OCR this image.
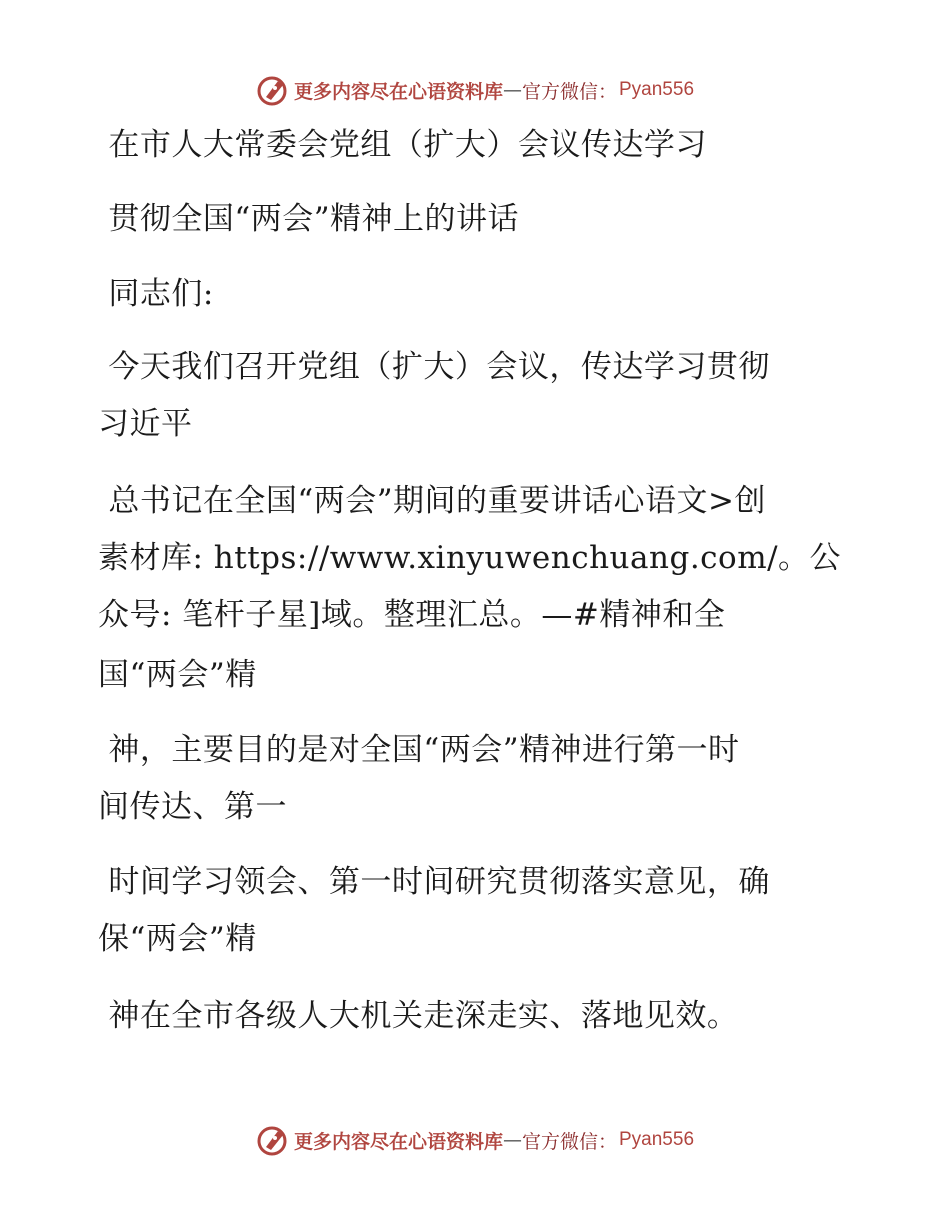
更多内容尽在心语资料库 — 官方微信： Pyan556
在市人大常委会党组（扩大）会议传达学习
贯彻全国“两会”精神上的讲话
同志们:
今天我们召开党组（扩大）会议，传达学习贯彻
习近平
总书记在全国“两会”期间的重要讲话心语文>创
素材库: https://www.xinyuwenchuang.com/。公
众号: 笔杆子星]域。整理汇总。—#精神和全
国“两会”精
神，主要目的是对全国“两会”精神进行第一时
间传达、第一
时间学习领会、第一时间研究贯彻落实意见，确
保“两会”精
神在全市各级人大机关走深走实、落地见效。
更多内容尽在心语资料库 — 官方微信： Pyan556
